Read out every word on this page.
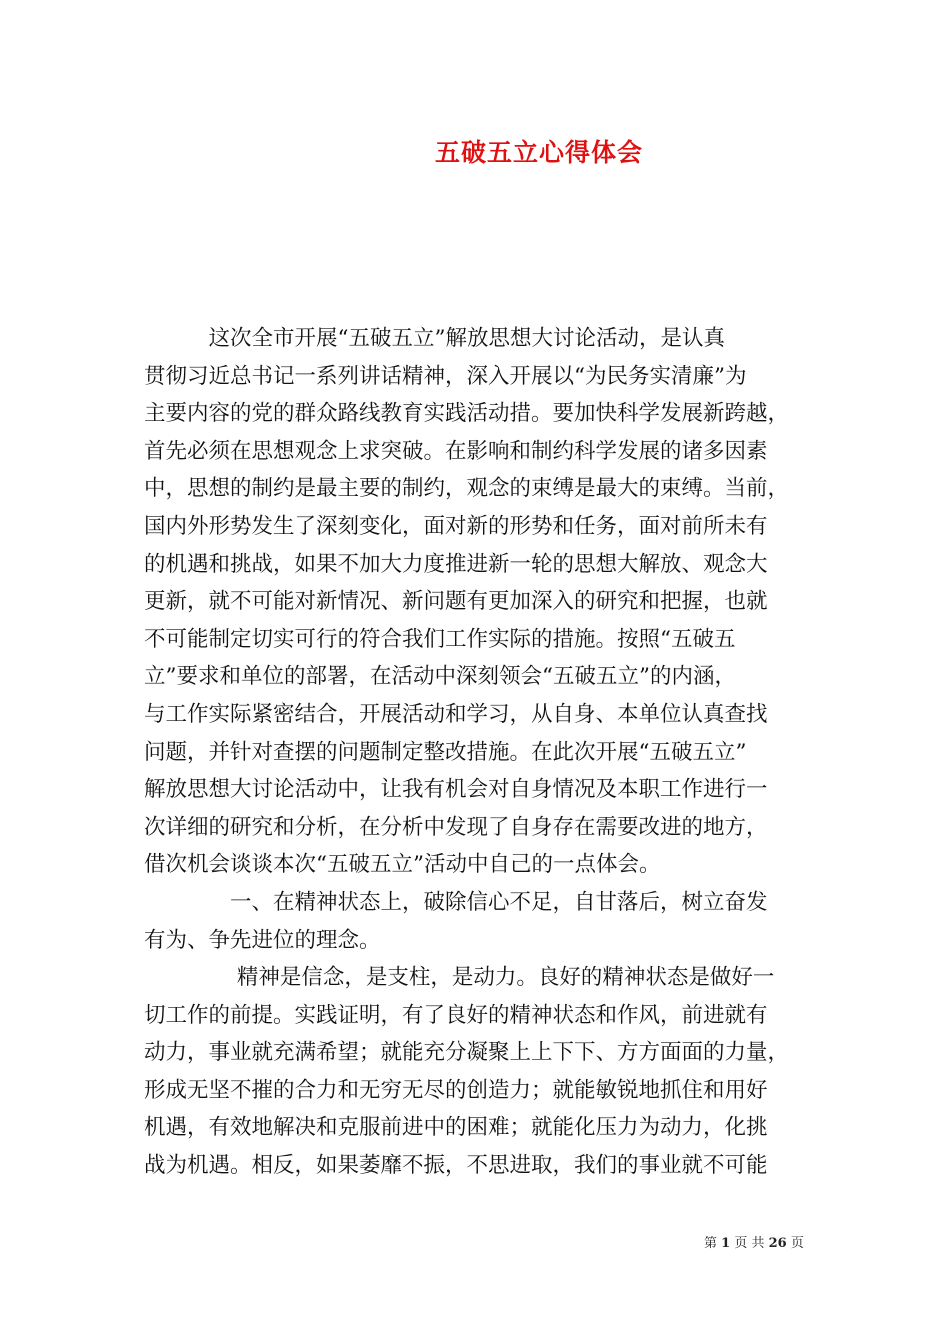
五破五立心得体会
　　　这次全市开展“五破五立”解放思想大讨论活动，是认真
贯彻习近总书记一系列讲话精神，深入开展以“为民务实清廉”为
主要内容的党的群众路线教育实践活动措。要加快科学发展新跨越，
首先必须在思想观念上求突破。在影响和制约科学发展的诸多因素
中，思想的制约是最主要的制约，观念的束缚是最大的束缚。当前，
国内外形势发生了深刻变化，面对新的形势和任务，面对前所未有
的机遇和挑战，如果不加大力度推进新一轮的思想大解放、观念大
更新，就不可能对新情况、新问题有更加深入的研究和把握，也就
不可能制定切实可行的符合我们工作实际的措施。按照“五破五
立”要求和单位的部署，在活动中深刻领会“五破五立”的内涵，
与工作实际紧密结合，开展活动和学习，从自身、本单位认真查找
问题，并针对查摆的问题制定整改措施。在此次开展“五破五立”
解放思想大讨论活动中，让我有机会对自身情况及本职工作进行一
次详细的研究和分析，在分析中发现了自身存在需要改进的地方，
借次机会谈谈本次“五破五立”活动中自己的一点体会。
　　　　一、在精神状态上，破除信心不足，自甘落后，树立奋发
有为、争先进位的理念。
　　　　 精神是信念，是支柱，是动力。良好的精神状态是做好一
切工作的前提。实践证明，有了良好的精神状态和作风，前进就有
动力，事业就充满希望；就能充分凝聚上上下下、方方面面的力量，
形成无坚不摧的合力和无穷无尽的创造力；就能敏锐地抓住和用好
机遇，有效地解决和克服前进中的困难；就能化压力为动力，化挑
战为机遇。相反，如果萎靡不振，不思进取，我们的事业就不可能
第 1 页 共 26 页
